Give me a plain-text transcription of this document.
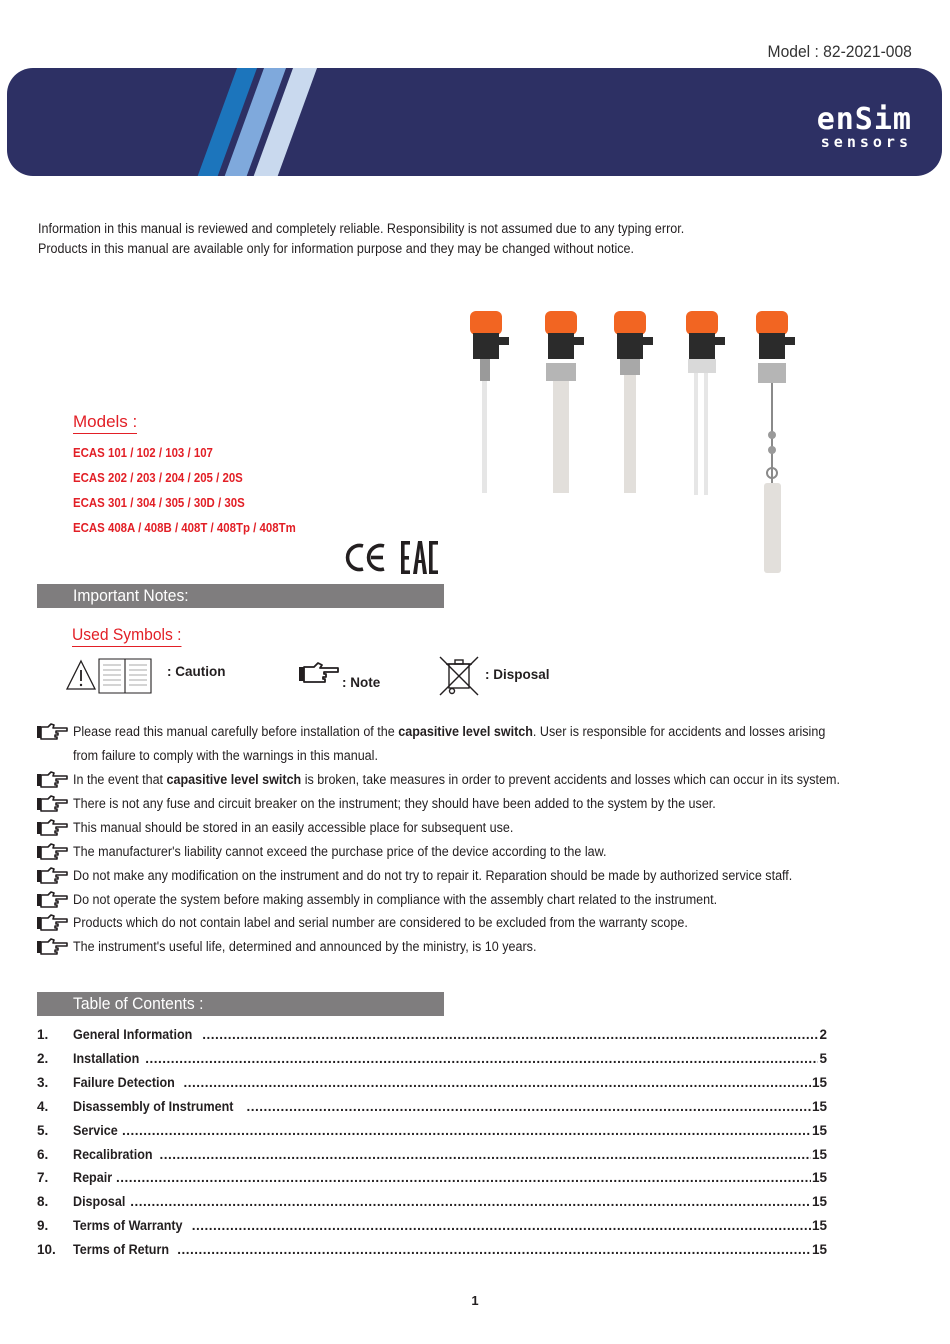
Model : 82-2021-008
enSim
sensors
Information in this manual is reviewed and completely reliable. Responsibility is not assumed due to any typing error.
Products in this manual are available only for information purpose and they may be changed without notice.
Models :
ECAS 101 / 102 / 103 / 107
ECAS 202 / 203 / 204 / 205 / 20S
ECAS 301 / 304 / 305 / 30D / 30S
ECAS 408A / 408B / 408T / 408Tp / 408Tm
Important Notes:
Used Symbols :
: Caution
: Note
: Disposal
Please read this manual carefully before installation of the capasitive level switch. User is responsible for accidents and losses arising
from failure to comply with the warnings in this manual.
In the event that capasitive level switch is broken, take measures in order to prevent accidents and losses which can occur in its system.
There is not any fuse and circuit breaker on the instrument; they should have been added to the system by the user.
This manual should be stored in an easily accessible place for subsequent use.
The manufacturer's liability cannot exceed the purchase price of the device according to the law.
Do not make any modification on the instrument and do not try to repair it. Reparation should be made by authorized service staff.
Do not operate the system before making assembly in compliance with the assembly chart related to the instrument.
Products which do not contain label and serial number are considered to be excluded from the warranty scope.
The instrument's useful life, determined and announced by the ministry, is 10 years.
Table of Contents :
1. General Information .....	2
2. Installation .....	5
3. Failure Detection .....	15
4. Disassembly of Instrument .....	15
5. Service .....	15
6. Recalibration .....	15
7. Repair .....	15
8. Disposal .....	15
9. Terms of Warranty .....	15
10. Terms of Return .....	15
1
